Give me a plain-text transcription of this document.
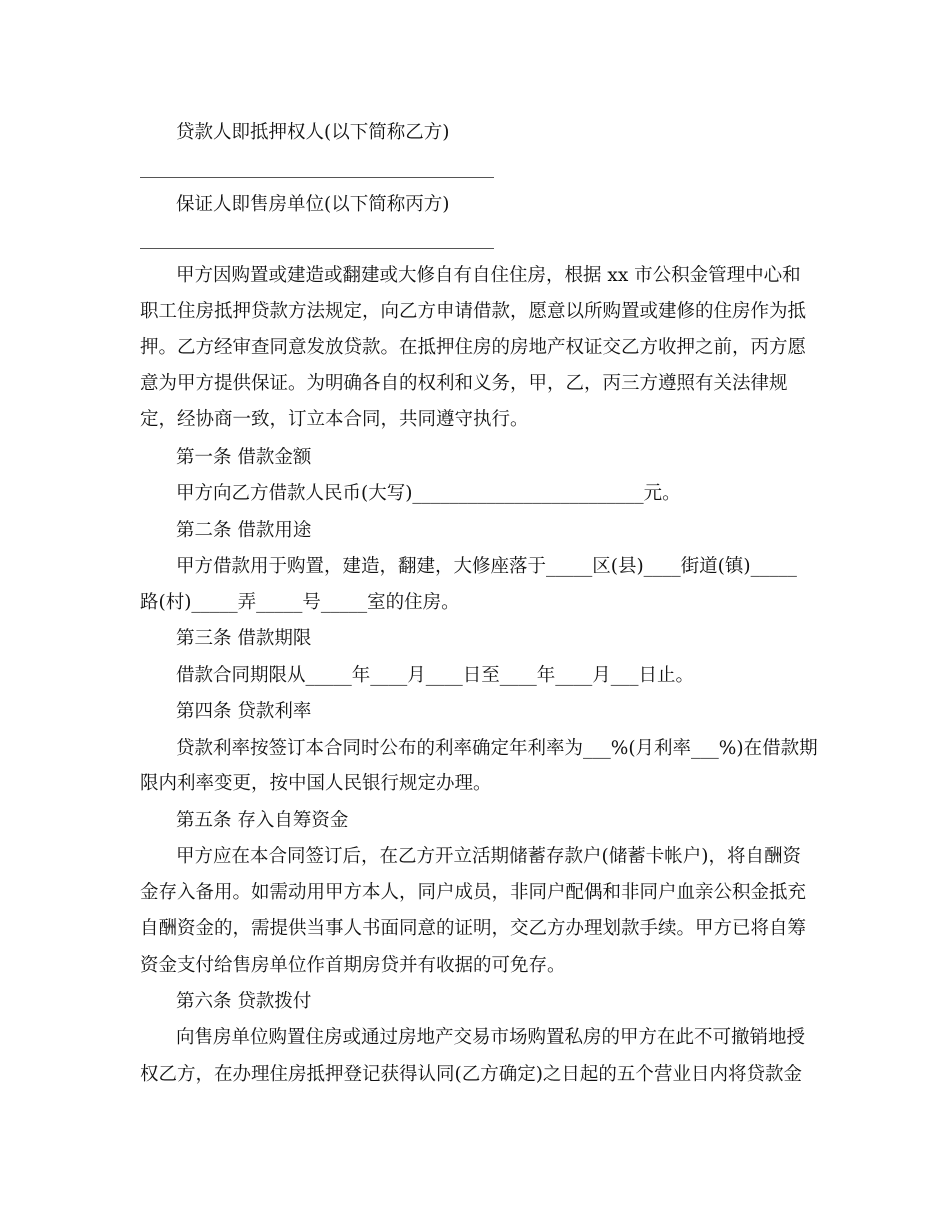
贷款人即抵押权人(以下简称乙方)
保证人即售房单位(以下简称丙方)
甲方因购置或建造或翻建或大修自有自住住房，根据 xx 市公积金管理中心和
职工住房抵押贷款方法规定，向乙方申请借款，愿意以所购置或建修的住房作为抵
押。乙方经审查同意发放贷款。在抵押住房的房地产权证交乙方收押之前，丙方愿
意为甲方提供保证。为明确各自的权利和义务，甲，乙，丙三方遵照有关法律规
定，经协商一致，订立本合同，共同遵守执行。
第一条 借款金额
甲方向乙方借款人民币(大写)_________________________元。
第二条 借款用途
甲方借款用于购置，建造，翻建，大修座落于_____区(县)____街道(镇)_____
路(村)_____弄_____号_____室的住房。
第三条 借款期限
借款合同期限从_____年____月____日至____年____月___日止。
第四条 贷款利率
贷款利率按签订本合同时公布的利率确定年利率为___%(月利率___%)在借款期
限内利率变更，按中国人民银行规定办理。
第五条 存入自筹资金
甲方应在本合同签订后，在乙方开立活期储蓄存款户(储蓄卡帐户)，将自酬资
金存入备用。如需动用甲方本人，同户成员，非同户配偶和非同户血亲公积金抵充
自酬资金的，需提供当事人书面同意的证明，交乙方办理划款手续。甲方已将自筹
资金支付给售房单位作首期房贷并有收据的可免存。
第六条 贷款拨付
向售房单位购置住房或通过房地产交易市场购置私房的甲方在此不可撤销地授
权乙方，在办理住房抵押登记获得认同(乙方确定)之日起的五个营业日内将贷款金
